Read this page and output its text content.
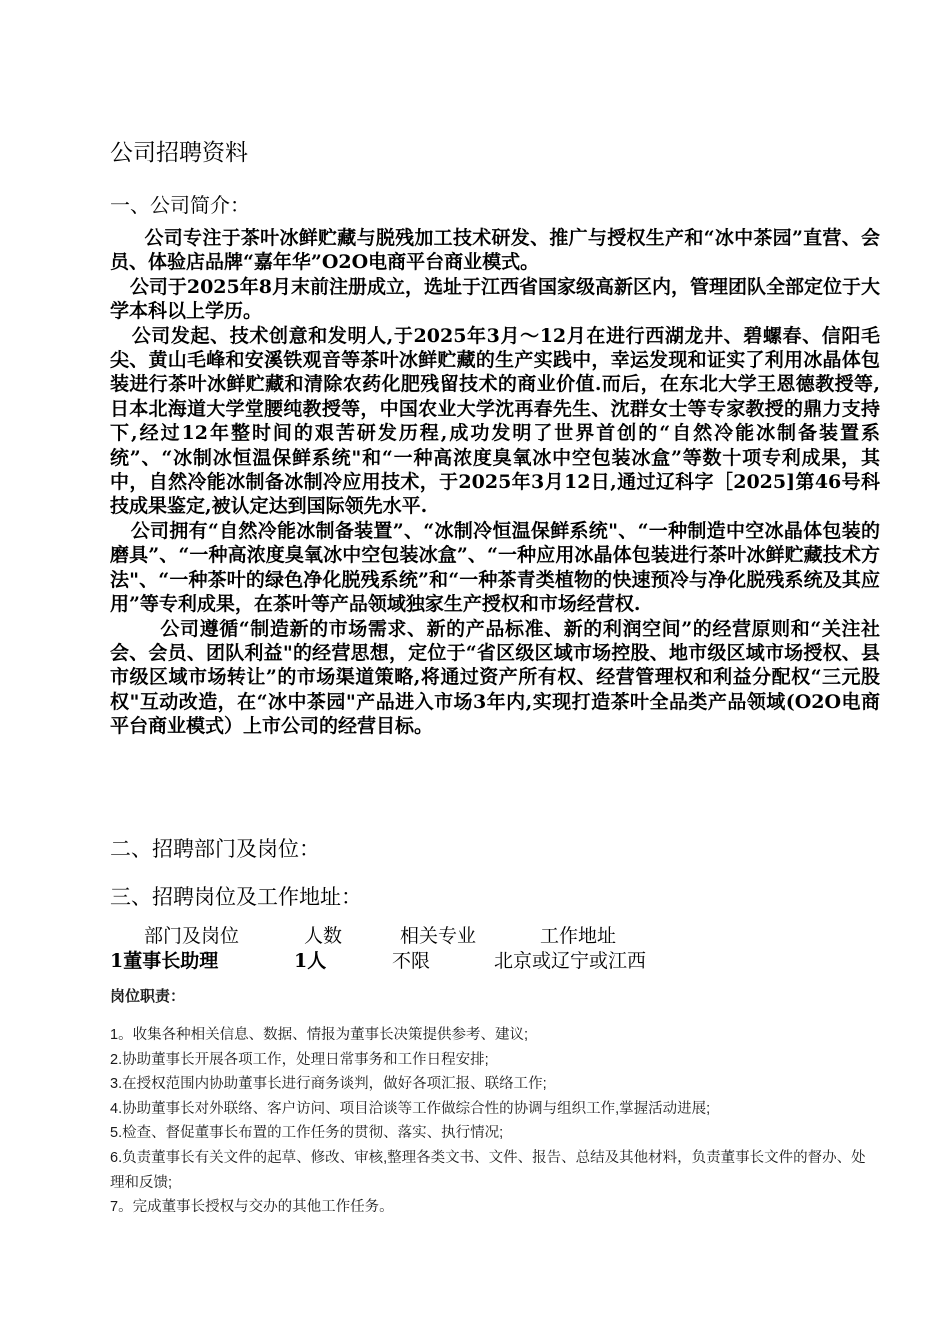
公司招聘资料
一、公司简介：

公司专注于茶叶冰鲜贮藏与脱残加工技术研发、推广与授权生产和“冰中茶园”直营、会员、体验店品牌“嘉年华”O2O电商平台商业模式。

公司于2025年8月末前注册成立，选址于江西省国家级高新区内，管理团队全部定位于大学本科以上学历。

公司发起、技术创意和发明人,于2025年3月～12月在进行西湖龙井、碧螺春、信阳毛尖、黄山毛峰和安溪铁观音等茶叶冰鲜贮藏的生产实践中，幸运发现和证实了利用冰晶体包装进行茶叶冰鲜贮藏和清除农药化肥残留技术的商业价值.而后，在东北大学王恩德教授等,日本北海道大学堂腰纯教授等，中国农业大学沈再春先生、沈群女士等专家教授的鼎力支持下,经过12年整时间的艰苦研发历程,成功发明了世界首创的“自然冷能冰制备装置系统”、“冰制冰恒温保鲜系统"和“一种高浓度臭氧冰中空包装冰盒”等数十项专利成果，其中，自然冷能冰制备冰制冷应用技术，于2025年3月12日,通过辽科字［2025]第46号科技成果鉴定,被认定达到国际领先水平.

公司拥有“自然冷能冰制备装置”、“冰制冷恒温保鲜系统"、“一种制造中空冰晶体包装的磨具”、“一种高浓度臭氧冰中空包装冰盒”、“一种应用冰晶体包装进行茶叶冰鲜贮藏技术方法"、“一种茶叶的绿色净化脱残系统”和“一种茶青类植物的快速预冷与净化脱残系统及其应用”等专利成果，在茶叶等产品领域独家生产授权和市场经营权.

公司遵循“制造新的市场需求、新的产品标准、新的利润空间”的经营原则和“关注社会、会员、团队利益"的经营思想，定位于“省区级区域市场控股、地市级区域市场授权、县市级区域市场转让”的市场渠道策略,将通过资产所有权、经营管理权和利益分配权“三元股权"互动改造，在“冰中茶园"产品进入市场3年内,实现打造茶叶全品类产品领域(O2O电商平台商业模式）上市公司的经营目标。

二、招聘部门及岗位：
三、招聘岗位及工作地址：
部门及岗位	人数	相关专业	工作地址
1董事长助理	1人	不限	北京或辽宁或江西
岗位职责：

1。收集各种相关信息、数据、情报为董事长决策提供参考、建议;

2.协助董事长开展各项工作，处理日常事务和工作日程安排;

3.在授权范围内协助董事长进行商务谈判，做好各项汇报、联络工作;

4.协助董事长对外联络、客户访问、项目洽谈等工作做综合性的协调与组织工作,掌握活动进展;

5.检查、督促董事长布置的工作任务的贯彻、落实、执行情况;

6.负责董事长有关文件的起草、修改、审核,整理各类文书、文件、报告、总结及其他材料，负责董事长文件的督办、处理和反馈;

7。完成董事长授权与交办的其他工作任务。
